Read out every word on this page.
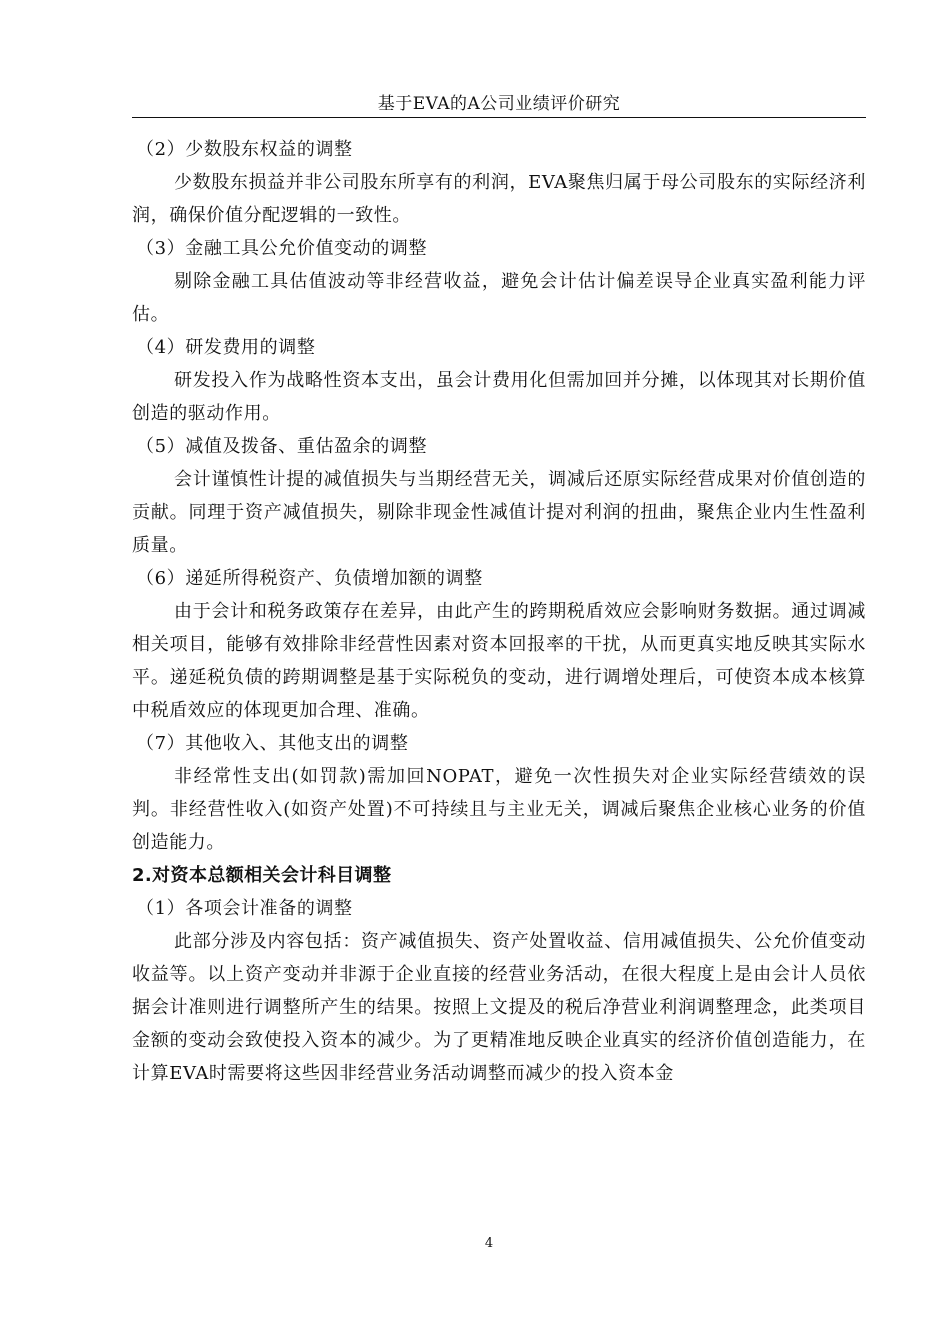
基于EVA的A公司业绩评价研究

（2）少数股东权益的调整

少数股东损益并非公司股东所享有的利润，EVA聚焦归属于母公司股东的实际经济利润，确保价值分配逻辑的一致性。

（3）金融工具公允价值变动的调整

剔除金融工具估值波动等非经营收益，避免会计估计偏差误导企业真实盈利能力评估。

（4）研发费用的调整

研发投入作为战略性资本支出，虽会计费用化但需加回并分摊，以体现其对长期价值创造的驱动作用。

（5）减值及拨备、重估盈余的调整

会计谨慎性计提的减值损失与当期经营无关，调减后还原实际经营成果对价值创造的贡献。同理于资产减值损失，剔除非现金性减值计提对利润的扭曲，聚焦企业内生性盈利质量。

（6）递延所得税资产、负债增加额的调整

由于会计和税务政策存在差异，由此产生的跨期税盾效应会影响财务数据。通过调减相关项目，能够有效排除非经营性因素对资本回报率的干扰，从而更真实地反映其实际水平。递延税负债的跨期调整是基于实际税负的变动，进行调增处理后，可使资本成本核算中税盾效应的体现更加合理、准确。

（7）其他收入、其他支出的调整

非经常性支出(如罚款)需加回NOPAT，避免一次性损失对企业实际经营绩效的误判。非经营性收入(如资产处置)不可持续且与主业无关，调减后聚焦企业核心业务的价值创造能力。

2.对资本总额相关会计科目调整

（1）各项会计准备的调整

此部分涉及内容包括：资产减值损失、资产处置收益、信用减值损失、公允价值变动收益等。以上资产变动并非源于企业直接的经营业务活动，在很大程度上是由会计人员依据会计准则进行调整所产生的结果。按照上文提及的税后净营业利润调整理念，此类项目金额的变动会致使投入资本的减少。为了更精准地反映企业真实的经济价值创造能力，在计算EVA时需要将这些因非经营业务活动调整而减少的投入资本金

4
